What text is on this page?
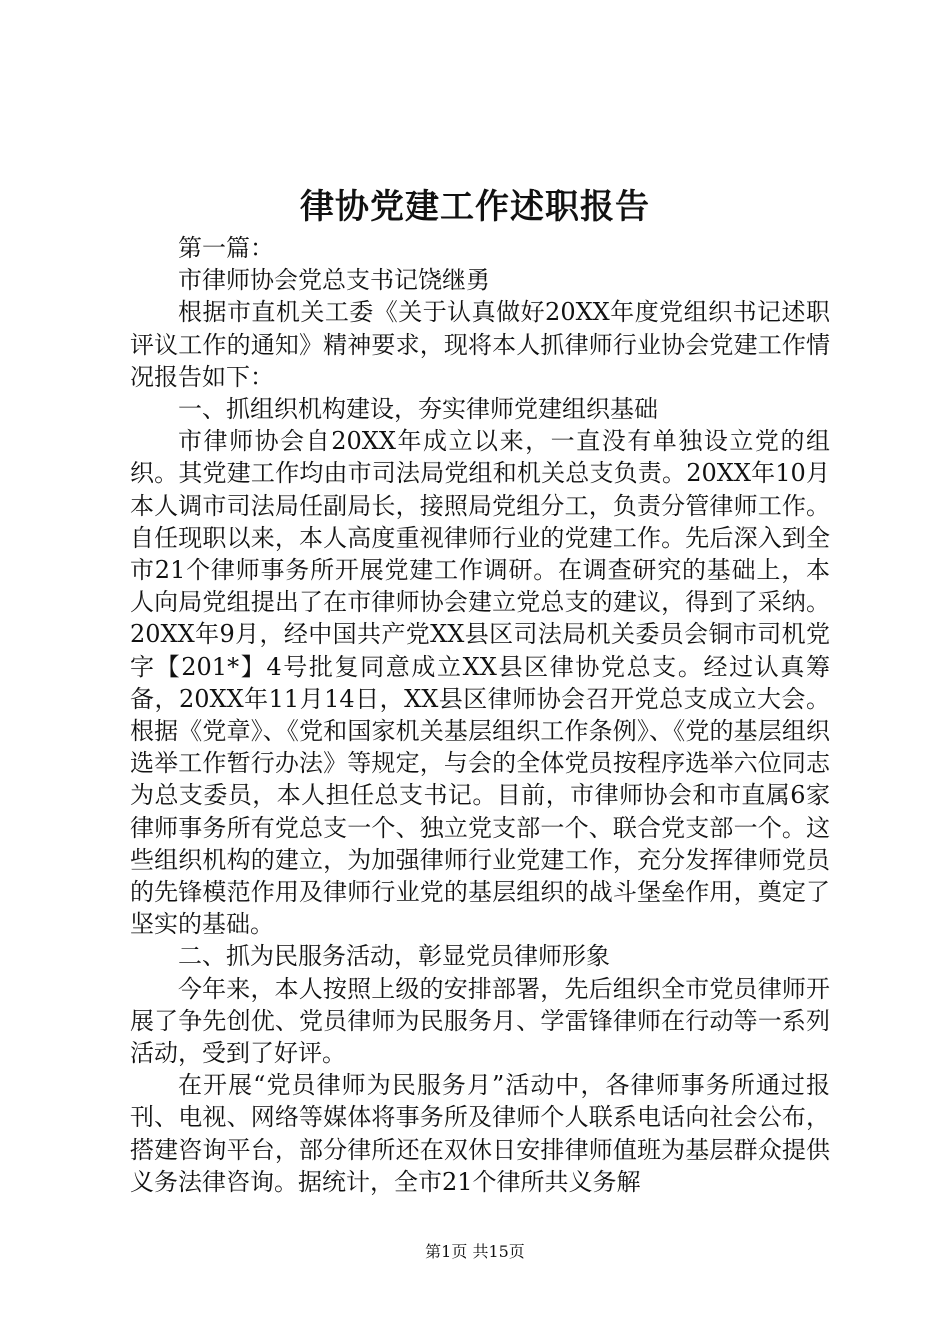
律协党建工作述职报告

第一篇：

市律师协会党总支书记饶继勇

根据市直机关工委《关于认真做好20XX年度党组织书记述职评议工作的通知》精神要求，现将本人抓律师行业协会党建工作情况报告如下：

一、抓组织机构建设，夯实律师党建组织基础

市律师协会自20XX年成立以来，一直没有单独设立党的组织。其党建工作均由市司法局党组和机关总支负责。20XX年10月本人调市司法局任副局长，接照局党组分工，负责分管律师工作。自任现职以来，本人高度重视律师行业的党建工作。先后深入到全市21个律师事务所开展党建工作调研。在调查研究的基础上，本人向局党组提出了在市律师协会建立党总支的建议，得到了采纳。20XX年9月，经中国共产党XX县区司法局机关委员会铜市司机党字【201*】4号批复同意成立XX县区律协党总支。经过认真筹备，20XX年11月14日，XX县区律师协会召开党总支成立大会。根据《党章》、《党和国家机关基层组织工作条例》、《党的基层组织选举工作暂行办法》等规定，与会的全体党员按程序选举六位同志为总支委员，本人担任总支书记。目前，市律师协会和市直属6家律师事务所有党总支一个、独立党支部一个、联合党支部一个。这些组织机构的建立，为加强律师行业党建工作，充分发挥律师党员的先锋模范作用及律师行业党的基层组织的战斗堡垒作用，奠定了坚实的基础。

二、抓为民服务活动，彰显党员律师形象

今年来，本人按照上级的安排部署，先后组织全市党员律师开展了争先创优、党员律师为民服务月、学雷锋律师在行动等一系列活动，受到了好评。

在开展“党员律师为民服务月”活动中，各律师事务所通过报刊、电视、网络等媒体将事务所及律师个人联系电话向社会公布，搭建咨询平台，部分律所还在双休日安排律师值班为基层群众提供义务法律咨询。据统计，全市21个律所共义务解

第1页 共15页
